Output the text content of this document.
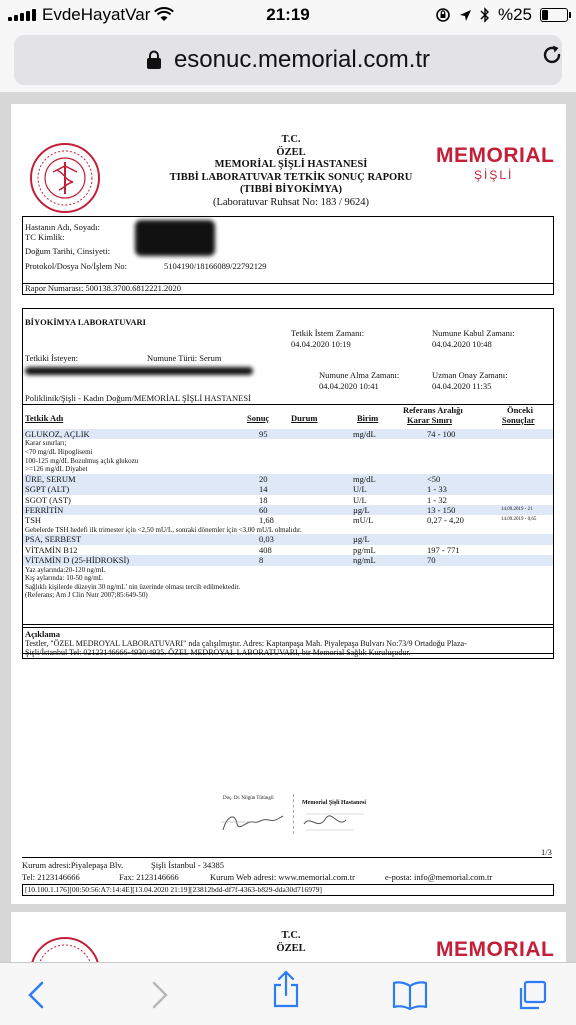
EvdeHayatVar	21:19	%25
esonuc.memorial.com.tr
T.C.
ÖZEL
MEMORİAL ŞİŞLİ HASTANESİ
TIBBİ LABORATUVAR TETKİK SONUÇ RAPORU
(TIBBİ BİYOKİMYA)
(Laboratuvar Ruhsat No: 183 / 9624)
MEMORIAL
ŞİŞLİ
Hastanın Adı, Soyadı:
TC Kimlik:
Doğum Tarihi, Cinsiyeti:
Protokol/Dosya No/İşlem No:	5104190/18166089/22792129
Rapor Numarası: 500138.3700.6812221.2020
BİYOKİMYA LABORATUVARI
Tetkik İstem Zamanı:
04.04.2020 10:19
Numune Kabul Zamanı:
04.04.2020 10:48
Tetkiki İsteyen:	Numune Türü: Serum
Numune Alma Zamanı:
04.04.2020 10:41
Uzman Onay Zamanı:
04.04.2020 11:35
Poliklinik/Şişli - Kadın Doğum/MEMORİAL ŞİŞLİ HASTANESİ
Tetkik Adı	Sonuç	Durum	Birim
Referans Aralığı
Karar Sınırı
Önceki
Sonuçlar
GLUKOZ, AÇLIK	95	mg/dL	74 - 100
Karar sınırları;
<70 mg/dL Hipoglisemi
100-125 mg/dL Bozulmuş açlık glukozu
>=126 mg/dL Diyabet
ÜRE, SERUM	20	mg/dL	<50
SGPT (ALT)	14	U/L	1 - 33
SGOT (AST)	18	U/L	1 - 32
FERRİTİN	60	µg/L	13 - 150	14.09.2019 - 21
TSH	1,68	mU/L	0,27 - 4,20	14.09.2019 - 0,65
Gebelerde TSH hedefi ilk trimester için <2,50 mU/L, sonraki dönemler için <3,00 mU/L olmalıdır.
PSA, SERBEST	0,03	µg/L
VİTAMİN B12	408	pg/mL	197 - 771
VİTAMİN D (25-HİDROKSİ)	8	ng/mL	70
Yaz aylarında:20-120 ng/mL
Kış aylarında: 10-50 ng/mL
Sağlıklı kişilerde düzeyin 30 ng/mL' nin üzerinde olması tercih edilmektedir.
(Referans; Am J Clin Nutr 2007;85:649-50)
Açıklama
Testler, "ÖZEL MEDROYAL LABORATUVARI" nda çalışılmıştır. Adres: Kaptanpaşa Mah. Piyalepaşa Bulvarı No:73/9 Ortadoğu Plaza-
Şişli/İstanbul Tel: 02123146666-4930/4935. ÖZEL MEDROYAL LABORATUVARI, bir Memorial Sağlık Kuruluşudur.
Doç. Dr. Nilgün Tütüngil
Memorial Şişli Hastanesi
1/3
Kurum adresi:Piyalepaşa Blv.	Şişli İstanbul - 34385
Tel: 2123146666	Fax: 2123146666	Kurum Web adresi: www.memorial.com.tr	e-posta: info@memorial.com.tr
[10.100.1.176][00:50:56:A7:14:4E][13.04.2020 21:19][23812bdd-df7f-4363-b829-dda30d716979]
T.C.
ÖZEL	MEMORIAL
